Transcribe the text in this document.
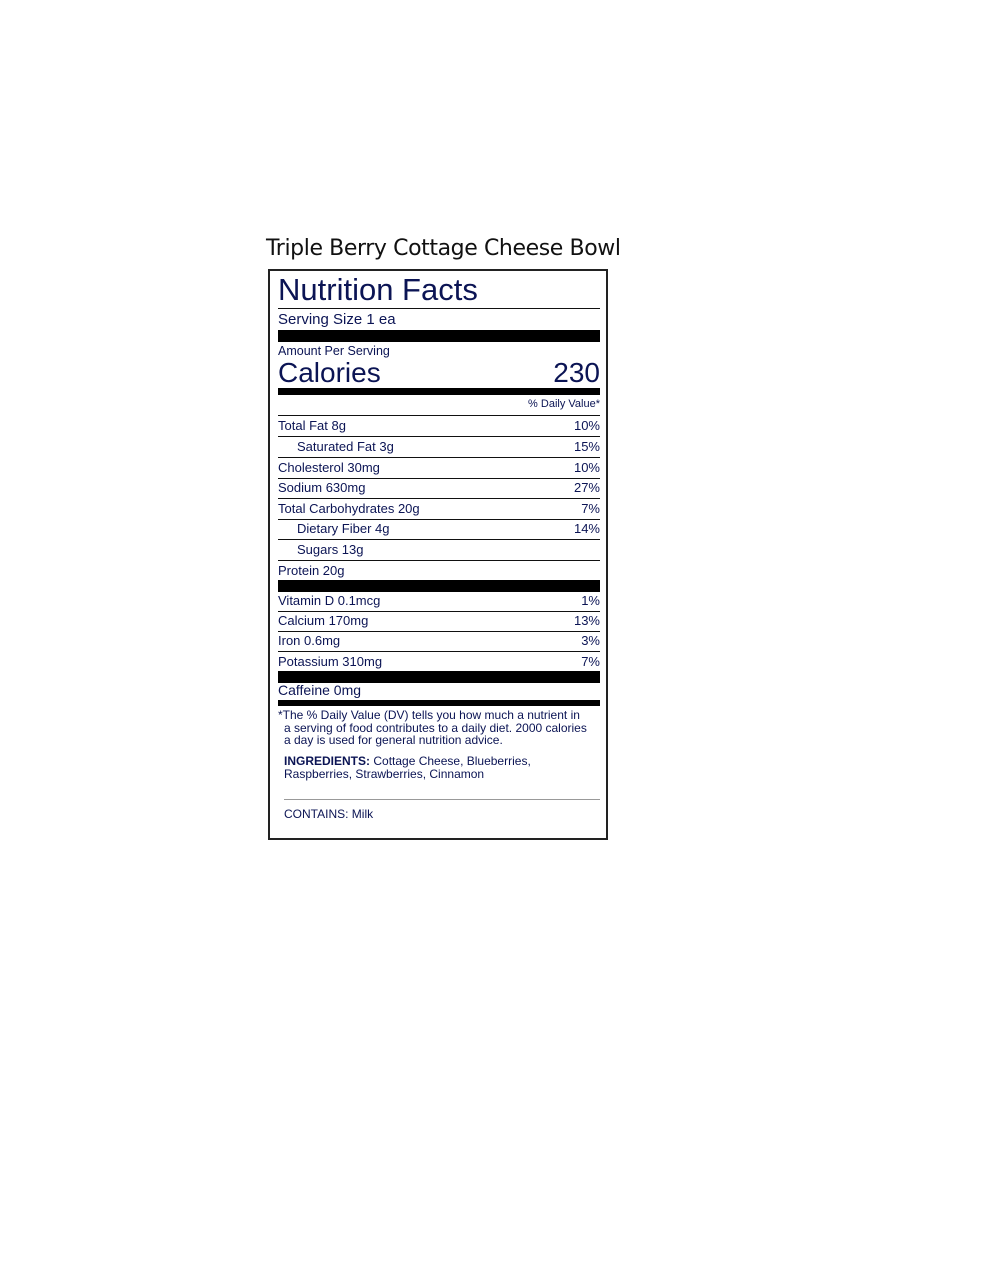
Triple Berry Cottage Cheese Bowl
Nutrition Facts
Serving Size 1 ea
Amount Per Serving
Calories	230
% Daily Value*
Total Fat 8g	10%
Saturated Fat 3g	15%
Cholesterol 30mg	10%
Sodium 630mg	27%
Total Carbohydrates 20g	7%
Dietary Fiber 4g	14%
Sugars 13g
Protein 20g
Vitamin D 0.1mcg	1%
Calcium 170mg	13%
Iron 0.6mg	3%
Potassium 310mg	7%
Caffeine 0mg
*The % Daily Value (DV) tells you how much a nutrient in
a serving of food contributes to a daily diet. 2000 calories
a day is used for general nutrition advice.
INGREDIENTS: Cottage Cheese, Blueberries, Raspberries, Strawberries, Cinnamon
CONTAINS: Milk
